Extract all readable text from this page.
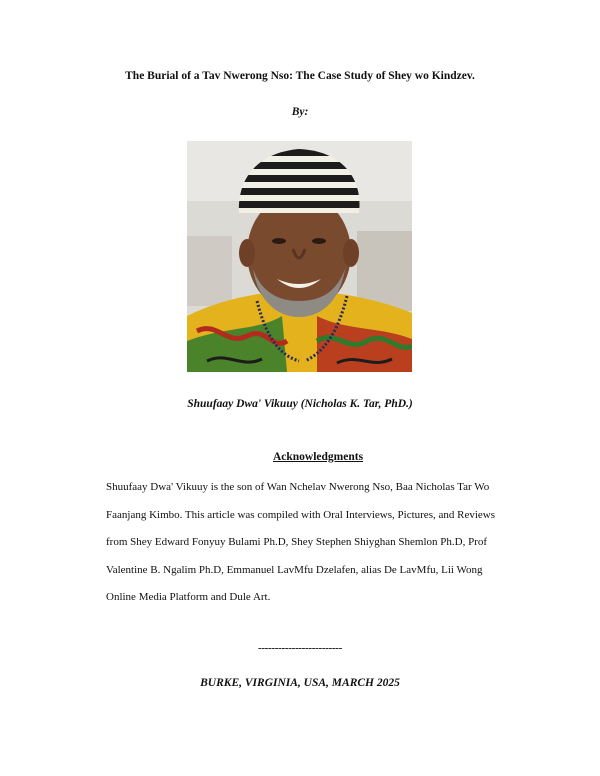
The Burial of a Tav Nwerong Nso: The Case Study of Shey wo Kindzev.
By:
Shuufaay Dwa' Vikuuy (Nicholas K. Tar, PhD.)
Acknowledgments
Shuufaay Dwa' Vikuuy is the son of Wan Nchelav Nwerong Nso, Baa Nicholas Tar Wo
Faanjang Kimbo. This article was compiled with Oral Interviews, Pictures, and Reviews
from Shey Edward Fonyuy Bulami Ph.D, Shey Stephen Shiyghan Shemlon Ph.D, Prof
Valentine B. Ngalim Ph.D, Emmanuel LavMfu Dzelafen, alias De LavMfu, Lii Wong
Online Media Platform and Dule Art.
-------------------------
BURKE, VIRGINIA, USA, MARCH 2025
